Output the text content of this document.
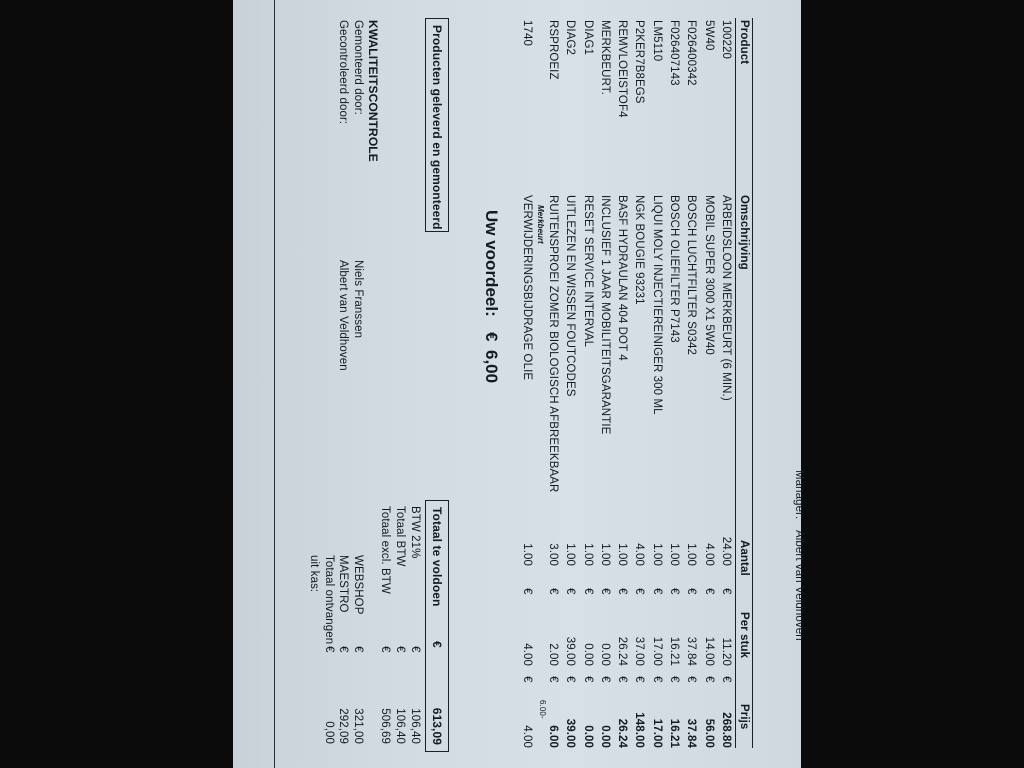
Manager:
Albert van Veldhoven
Product
Omschrijving
Aantal
Per stuk
Prijs
100220
ARBEIDSLOON MERKBEURT (6 MIN.)
24.00
€
11.20
€
268.80
5W40
MOBIL SUPER 3000 X1 5W40
4.00
€
14.00
€
56.00
F026400342
BOSCH LUCHTFILTER S0342
1.00
€
37.84
€
37.84
F026407143
BOSCH OLIEFILTER P7143
1.00
€
16.21
€
16.21
LM5110
LIQUI MOLY INJECTIEREINIGER 300 ML
1.00
€
17.00
€
17.00
P2KER7B8EGS
NGK BOUGIE 93231
4.00
€
37.00
€
148.00
REMVLOEISTOF4
BASF HYDRAULAN 404 DOT 4
1.00
€
26.24
€
26.24
MERKBEURT.
INCLUSIEF 1 JAAR MOBILITEITSGARANTIE
1.00
€
0.00
€
0.00
DIAG1
RESET SERVICE INTERVAL
1.00
€
0.00
€
0.00
DIAG2
UITLEZEN EN WISSEN FOUTCODES
1.00
€
39.00
€
39.00
RSPROEIZ
RUITENSPROEI ZOMER BIOLOGISCH AFBREEKBAAR
3.00
€
2.00
€
6.00
Merkbeurt
6.00-
1740
VERWIJDERINGSBIJDRAGE OLIE
1.00
€
4.00
€
4.00
Uw voordeel:
€
6,00
Producten geleverd en gemonteerd
Totaal te voldoen
€
613,09
BTW 21%
€
106,40
Totaal BTW
€
106,40
Totaal excl. BTW
€
506,69
WEBSHOP
€
321,00
MAESTRO
€
292,09
Totaal ontvangen
€
0,00
uit kas:
KWALITEITSCONTROLE
Gemonteerd door:
Niels Franssen
Gecontroleerd door:
Albert van Veldhoven
